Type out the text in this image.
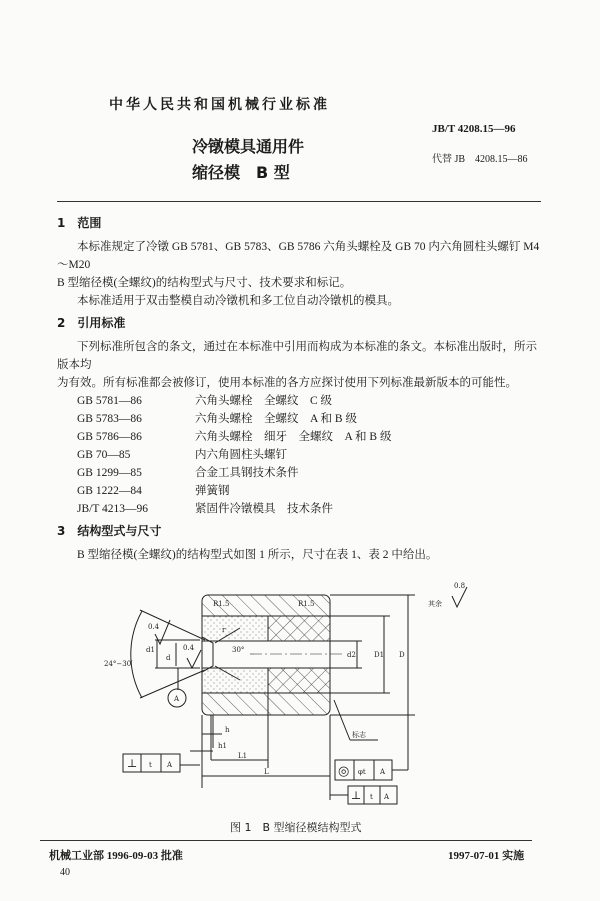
中华人民共和国机械行业标准
JB/T 4208.15—96
冷镦模具通用件
缩径模　B 型
代替 JB　4208.15—86
1　范围

本标准规定了冷镦 GB 5781、GB 5783、GB 5786 六角头螺栓及 GB 70 内六角圆柱头螺钉 M4～M20

B 型缩径模(全螺纹)的结构型式与尺寸、技术要求和标记。

本标准适用于双击整模自动冷镦机和多工位自动冷镦机的模具。

2　引用标准

下列标准所包含的条文，通过在本标准中引用而构成为本标准的条文。本标准出版时，所示版本均

为有效。所有标准都会被修订，使用本标准的各方应探讨使用下列标准最新版本的可能性。

GB 5781—86	六角头螺栓　全螺纹　C 级
GB 5783—86	六角头螺栓　全螺纹　A 和 B 级
GB 5786—86	六角头螺栓　细牙　全螺纹　A 和 B 级
GB 70—85	内六角圆柱头螺钉
GB 1299—85	合金工具钢技术条件
GB 1222—84	弹簧钢
JB/T 4213—96	紧固件冷镦模具　技术条件
3　结构型式与尺寸

B 型缩径模(全螺纹)的结构型式如图 1 所示，尺寸在表 1、表 2 中给出。

R1.5	R1.5
0.4
0.4	30°
24°−30′
d1
d	d2	D1 D
h
h1
L1
L
r
A
标志
⊥ t A	◎ φt A
⊥ t A
其余
0.8
图 1　B 型缩径模结构型式
机械工业部 1996-09-03 批准	1997-07-01 实施
40
